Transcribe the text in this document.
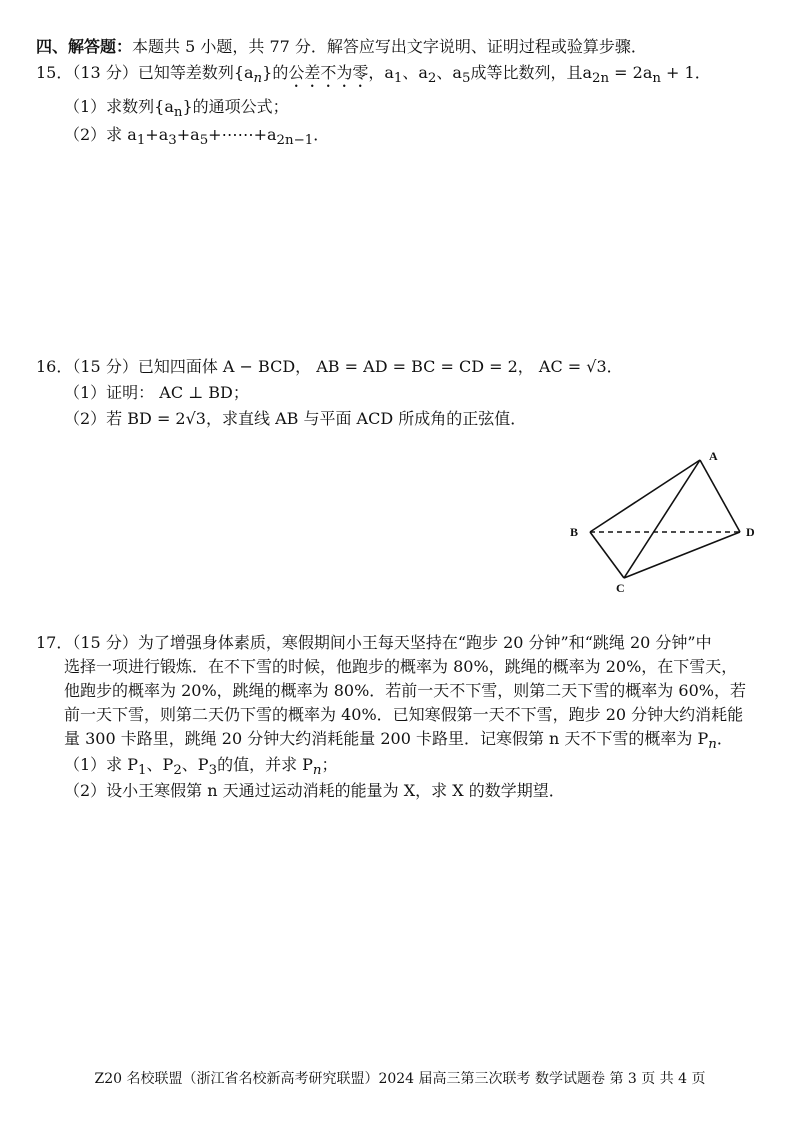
四、解答题：本题共 5 小题，共 77 分．解答应写出文字说明、证明过程或验算步骤．
15．（13 分）已知等差数列$\{a_n\}$的公差不为零，$a_1$、$a_2$、$a_5$成等比数列，且$a_{2n} = 2a_n + 1$．
（1）求数列$\{a_n\}$的通项公式；
（2）求 $a_1+a_3+a_5+\cdots\cdots+a_{2n-1}$．
16．（15 分）已知四面体 A − BCD， AB = AD = BC = CD = 2， AC = √3．
（1）证明： AC ⊥ BD；
（2）若 BD = 2√3，求直线 AB 与平面 ACD 所成角的正弦值．
A
B
C
D
17．（15 分）为了增强身体素质，寒假期间小王每天坚持在“跑步 20 分钟”和“跳绳 20 分钟”中
选择一项进行锻炼．在不下雪的时候，他跑步的概率为 80%，跳绳的概率为 20%，在下雪天，
他跑步的概率为 20%，跳绳的概率为 80%．若前一天不下雪，则第二天下雪的概率为 60%，若
前一天下雪，则第二天仍下雪的概率为 40%．已知寒假第一天不下雪，跑步 20 分钟大约消耗能
量 300 卡路里，跳绳 20 分钟大约消耗能量 200 卡路里．记寒假第 n 天不下雪的概率为 $P_n$．
（1）求 $P_1$、$P_2$、$P_3$的值，并求 $P_n$；
（2）设小王寒假第 n 天通过运动消耗的能量为 X，求 X 的数学期望．
Z20 名校联盟（浙江省名校新高考研究联盟）2024 届高三第三次联考 数学试题卷 第 3 页 共 4 页
